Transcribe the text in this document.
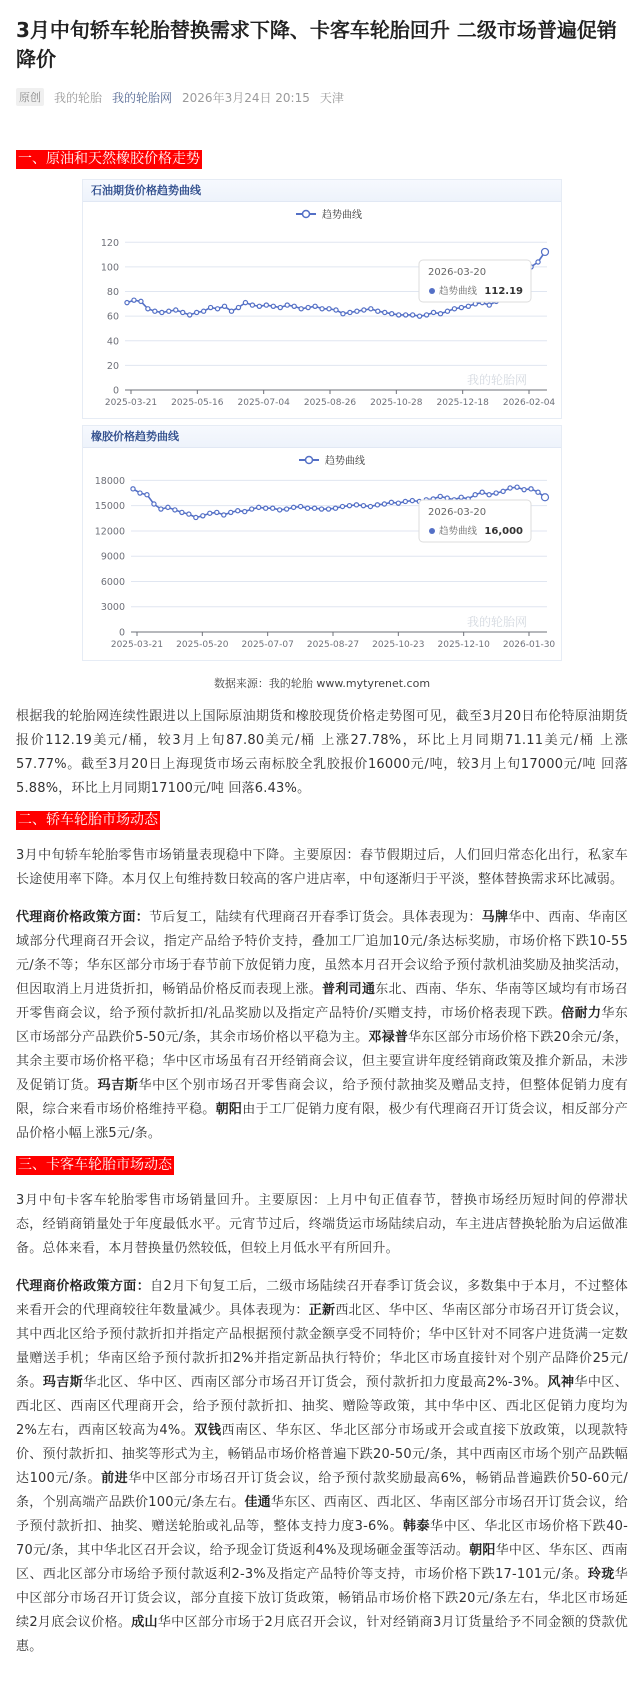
3月中旬轿车轮胎替换需求下降、卡客车轮胎回升 二级市场普遍促销降价
原创 我的轮胎 我的轮胎网 2026年3月24日 20:15 天津
一、原油和天然橡胶价格走势
石油期货价格趋势曲线
趋势曲线
0
20
40
60
80
100
120
2025-03-21 2025-05-16 2025-07-04 2025-08-26 2025-10-28 2025-12-18 2026-02-04
我的轮胎网
2026-03-20
趋势曲线 112.19
橡胶价格趋势曲线
趋势曲线
0
3000
6000
9000
12000
15000
18000
2025-03-21 2025-05-20 2025-07-07 2025-08-27 2025-10-23 2025-12-10 2026-01-30
我的轮胎网
2026-03-20
趋势曲线 16,000
数据来源：我的轮胎 www.mytyrenet.com

根据我的轮胎网连续性跟进以上国际原油期货和橡胶现货价格走势图可见，截至3月20日布伦特原油期货报价112.19美元/桶，较3月上旬87.80美元/桶 上涨27.78%，环比上月同期71.11美元/桶 上涨57.77%。截至3月20日上海现货市场云南标胶全乳胶报价16000元/吨，较3月上旬17000元/吨 回落5.88%，环比上月同期17100元/吨 回落6.43%。

二、轿车轮胎市场动态

3月中旬轿车轮胎零售市场销量表现稳中下降。主要原因：春节假期过后，人们回归常态化出行，私家车长途使用率下降。本月仅上旬维持数日较高的客户进店率，中旬逐渐归于平淡，整体替换需求环比减弱。

代理商价格政策方面：节后复工，陆续有代理商召开春季订货会。具体表现为：马牌华中、西南、华南区域部分代理商召开会议，指定产品给予特价支持，叠加工厂追加10元/条达标奖励，市场价格下跌10-55元/条不等；华东区部分市场于春节前下放促销力度，虽然本月召开会议给予预付款机油奖励及抽奖活动，但因取消上月进货折扣，畅销品价格反而表现上涨。普利司通东北、西南、华东、华南等区域均有市场召开零售商会议，给予预付款折扣/礼品奖励以及指定产品特价/买赠支持，市场价格表现下跌。倍耐力华东区市场部分产品跌价5-50元/条，其余市场价格以平稳为主。邓禄普华东区部分市场价格下跌20余元/条，其余主要市场价格平稳；华中区市场虽有召开经销商会议，但主要宣讲年度经销商政策及推介新品，未涉及促销订货。玛吉斯华中区个别市场召开零售商会议，给予预付款抽奖及赠品支持，但整体促销力度有限，综合来看市场价格维持平稳。朝阳由于工厂促销力度有限，极少有代理商召开订货会议，相反部分产品价格小幅上涨5元/条。

三、卡客车轮胎市场动态

3月中旬卡客车轮胎零售市场销量回升。主要原因：上月中旬正值春节，替换市场经历短时间的停滞状态，经销商销量处于年度最低水平。元宵节过后，终端货运市场陆续启动，车主进店替换轮胎为启运做准备。总体来看，本月替换量仍然较低，但较上月低水平有所回升。

代理商价格政策方面：自2月下旬复工后，二级市场陆续召开春季订货会议，多数集中于本月，不过整体来看开会的代理商较往年数量减少。具体表现为：正新西北区、华中区、华南区部分市场召开订货会议，其中西北区给予预付款折扣并指定产品根据预付款金额享受不同特价；华中区针对不同客户进货满一定数量赠送手机；华南区给予预付款折扣2%并指定新品执行特价；华北区市场直接针对个别产品降价25元/条。玛吉斯华北区、华中区、西南区部分市场召开订货会，预付款折扣力度最高2%-3%。风神华中区、西北区、西南区代理商开会，给予预付款折扣、抽奖、赠险等政策，其中华中区、西北区促销力度均为2%左右，西南区较高为4%。双钱西南区、华东区、华北区部分市场或开会或直接下放政策，以现款特价、预付款折扣、抽奖等形式为主，畅销品市场价格普遍下跌20-50元/条，其中西南区市场个别产品跌幅达100元/条。前进华中区部分市场召开订货会议，给予预付款奖励最高6%，畅销品普遍跌价50-60元/条，个别高端产品跌价100元/条左右。佳通华东区、西南区、西北区、华南区部分市场召开订货会议，给予预付款折扣、抽奖、赠送轮胎或礼品等，整体支持力度3-6%。韩泰华中区、华北区市场价格下跌40-70元/条，其中华北区召开会议，给予现金订货返利4%及现场砸金蛋等活动。朝阳华中区、华东区、西南区、西北区部分市场给予预付款返利2-3%及指定产品特价等支持，市场价格下跌17-101元/条。玲珑华中区部分市场召开订货会议，部分直接下放订货政策，畅销品市场价格下跌20元/条左右，华北区市场延续2月底会议价格。成山华中区部分市场于2月底召开会议，针对经销商3月订货量给予不同金额的贷款优惠。
